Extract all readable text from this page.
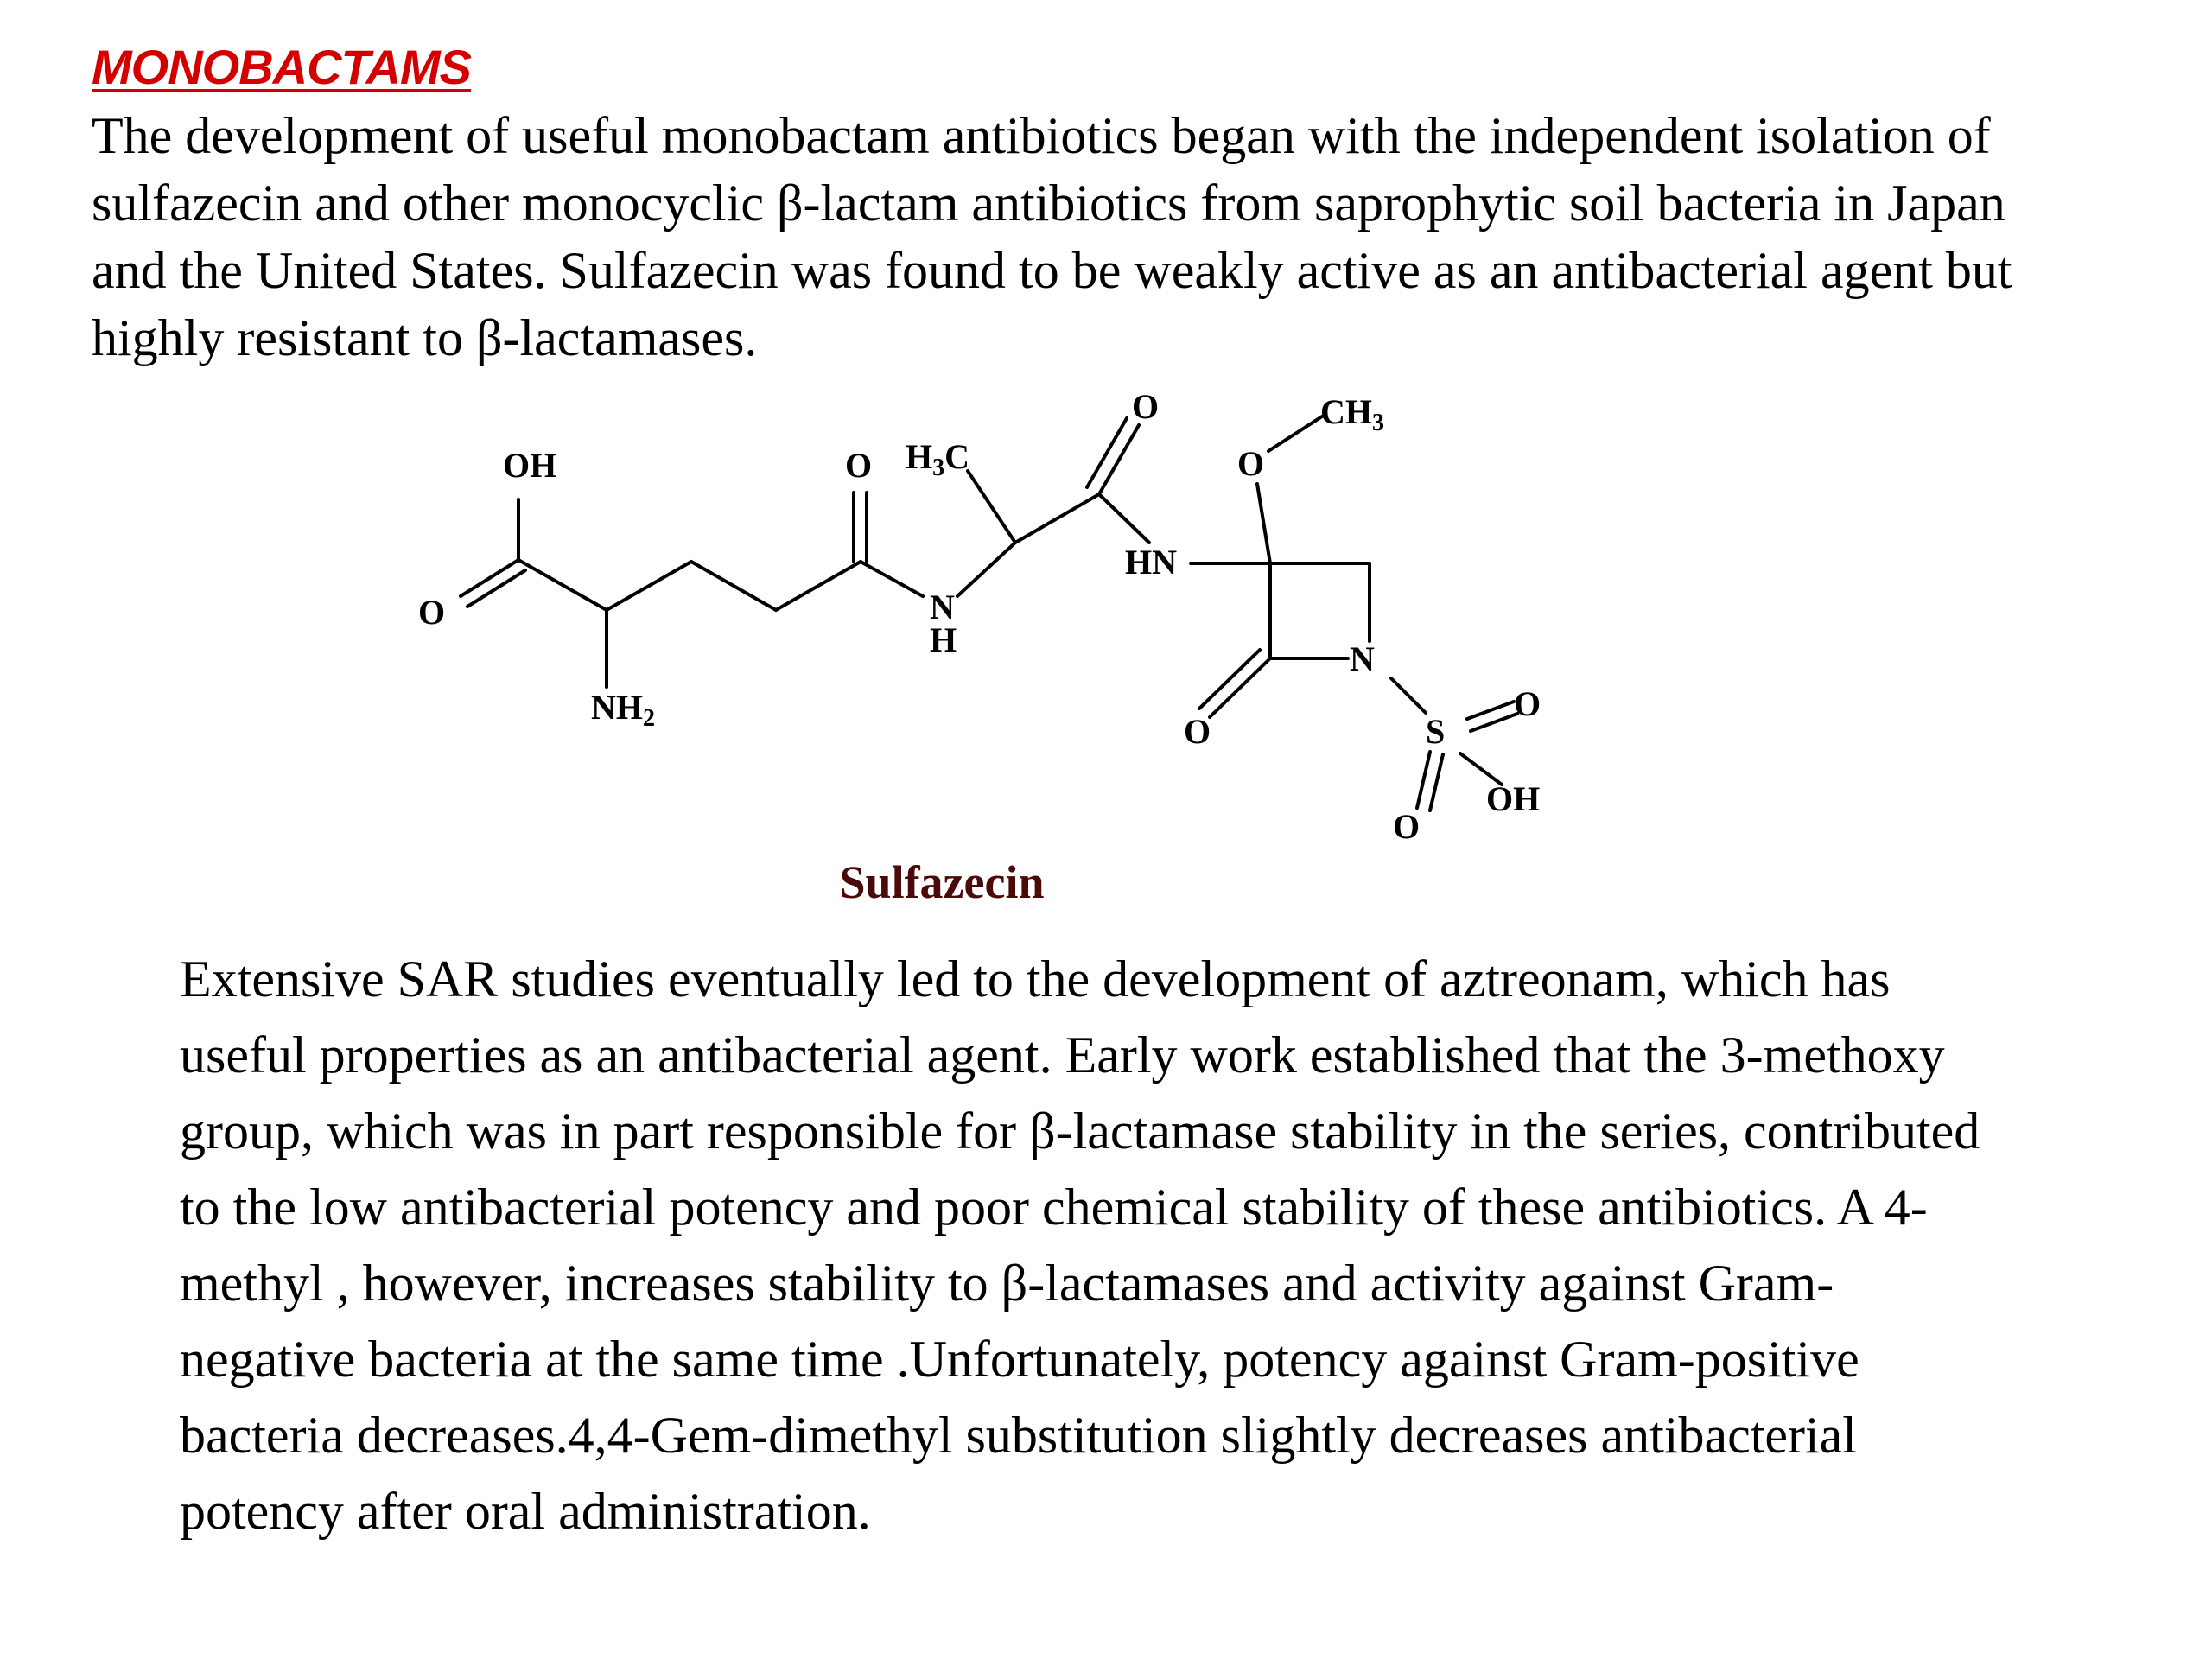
MONOBACTAMS

The development of useful monobactam antibiotics began with the independent isolation of
sulfazecin and other monocyclic β-lactam antibiotics from saprophytic soil bacteria in Japan
and the United States. Sulfazecin was found to be weakly active as an antibacterial agent but
highly resistant to β-lactamases.

OH
O
$NH_2$
O $H_3C$
N
H
O
HN
O
$CH_3$
N
O	S
O
O
OH

Sulfazecin

Extensive SAR studies eventually led to the development of aztreonam, which has
useful properties as an antibacterial agent. Early work established that the 3-methoxy
group, which was in part responsible for β-lactamase stability in the series, contributed
to the low antibacterial potency and poor chemical stability of these antibiotics. A 4-
methyl , however, increases stability to β-lactamases and activity against Gram-
negative bacteria at the same time .Unfortunately, potency against Gram-positive
bacteria decreases.4,4-Gem-dimethyl substitution slightly decreases antibacterial
potency after oral administration.
